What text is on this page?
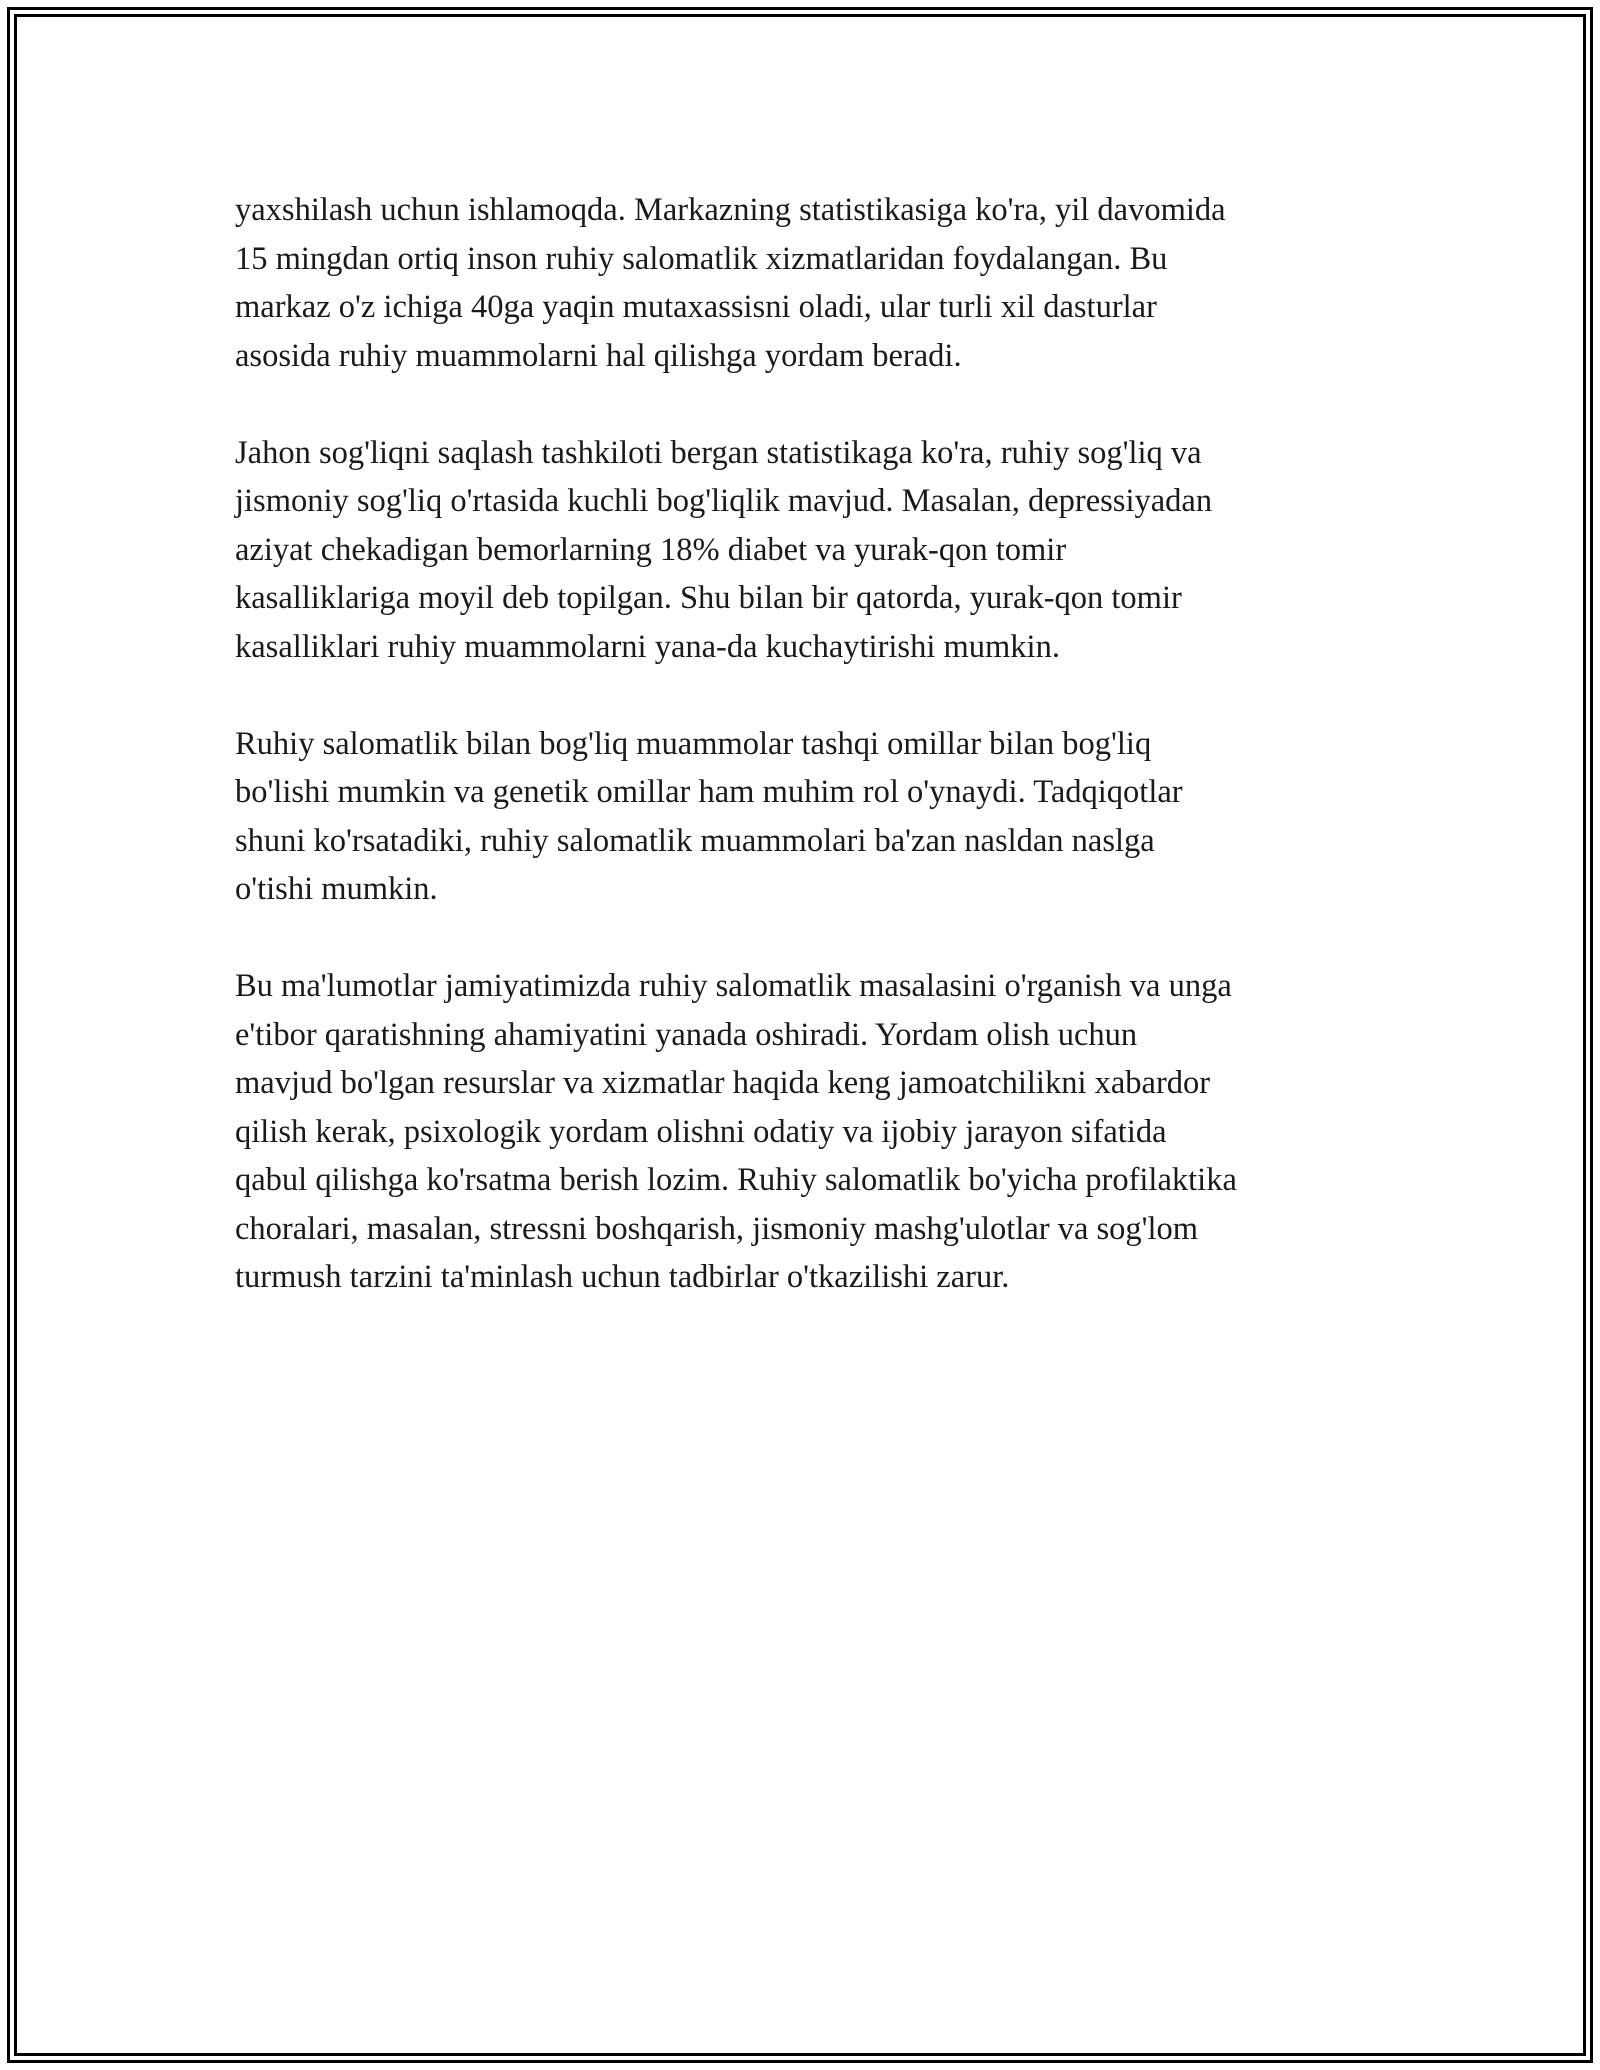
yaxshilash uchun ishlamoqda. Markazning statistikasiga ko'ra, yil davomida
15 mingdan ortiq inson ruhiy salomatlik xizmatlaridan foydalangan. Bu
markaz o'z ichiga 40ga yaqin mutaxassisni oladi, ular turli xil dasturlar
asosida ruhiy muammolarni hal qilishga yordam beradi.

Jahon sog'liqni saqlash tashkiloti bergan statistikaga ko'ra, ruhiy sog'liq va
jismoniy sog'liq o'rtasida kuchli bog'liqlik mavjud. Masalan, depressiyadan
aziyat chekadigan bemorlarning 18% diabet va yurak-qon tomir
kasalliklariga moyil deb topilgan. Shu bilan bir qatorda, yurak-qon tomir
kasalliklari ruhiy muammolarni yana-da kuchaytirishi mumkin.

Ruhiy salomatlik bilan bog'liq muammolar tashqi omillar bilan bog'liq
bo'lishi mumkin va genetik omillar ham muhim rol o'ynaydi. Tadqiqotlar
shuni ko'rsatadiki, ruhiy salomatlik muammolari ba'zan nasldan naslga
o'tishi mumkin.

Bu ma'lumotlar jamiyatimizda ruhiy salomatlik masalasini o'rganish va unga
e'tibor qaratishning ahamiyatini yanada oshiradi. Yordam olish uchun
mavjud bo'lgan resurslar va xizmatlar haqida keng jamoatchilikni xabardor
qilish kerak, psixologik yordam olishni odatiy va ijobiy jarayon sifatida
qabul qilishga ko'rsatma berish lozim. Ruhiy salomatlik bo'yicha profilaktika
choralari, masalan, stressni boshqarish, jismoniy mashg'ulotlar va sog'lom
turmush tarzini ta'minlash uchun tadbirlar o'tkazilishi zarur.
